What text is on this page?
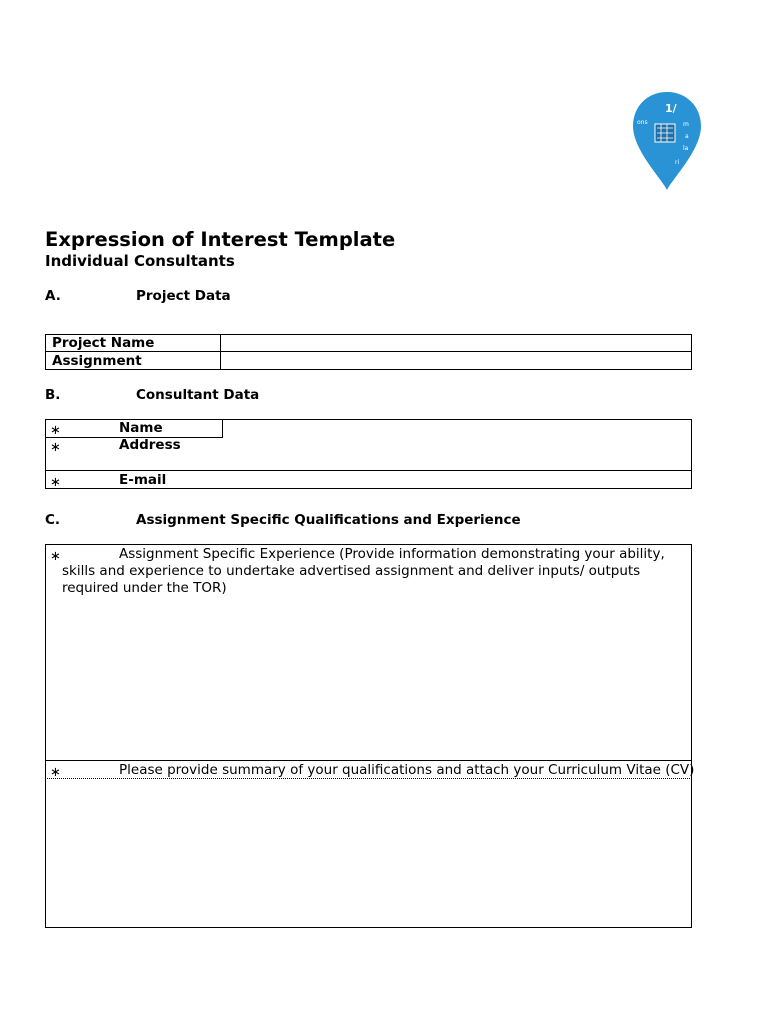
1/
ons	m
a
la
ri
Expression of Interest Template
Individual Consultants
A.	Project Data
Project Name
Assignment
B.	Consultant Data
∗	Name
∗	Address
∗	E-mail
C.	Assignment Specific Qualifications and Experience
∗	Assignment Specific Experience (Provide information demonstrating your ability,
skills and experience to undertake advertised assignment and deliver inputs/ outputs
required under the TOR)
∗	Please provide summary of your qualifications and attach your Curriculum Vitae (CV)
